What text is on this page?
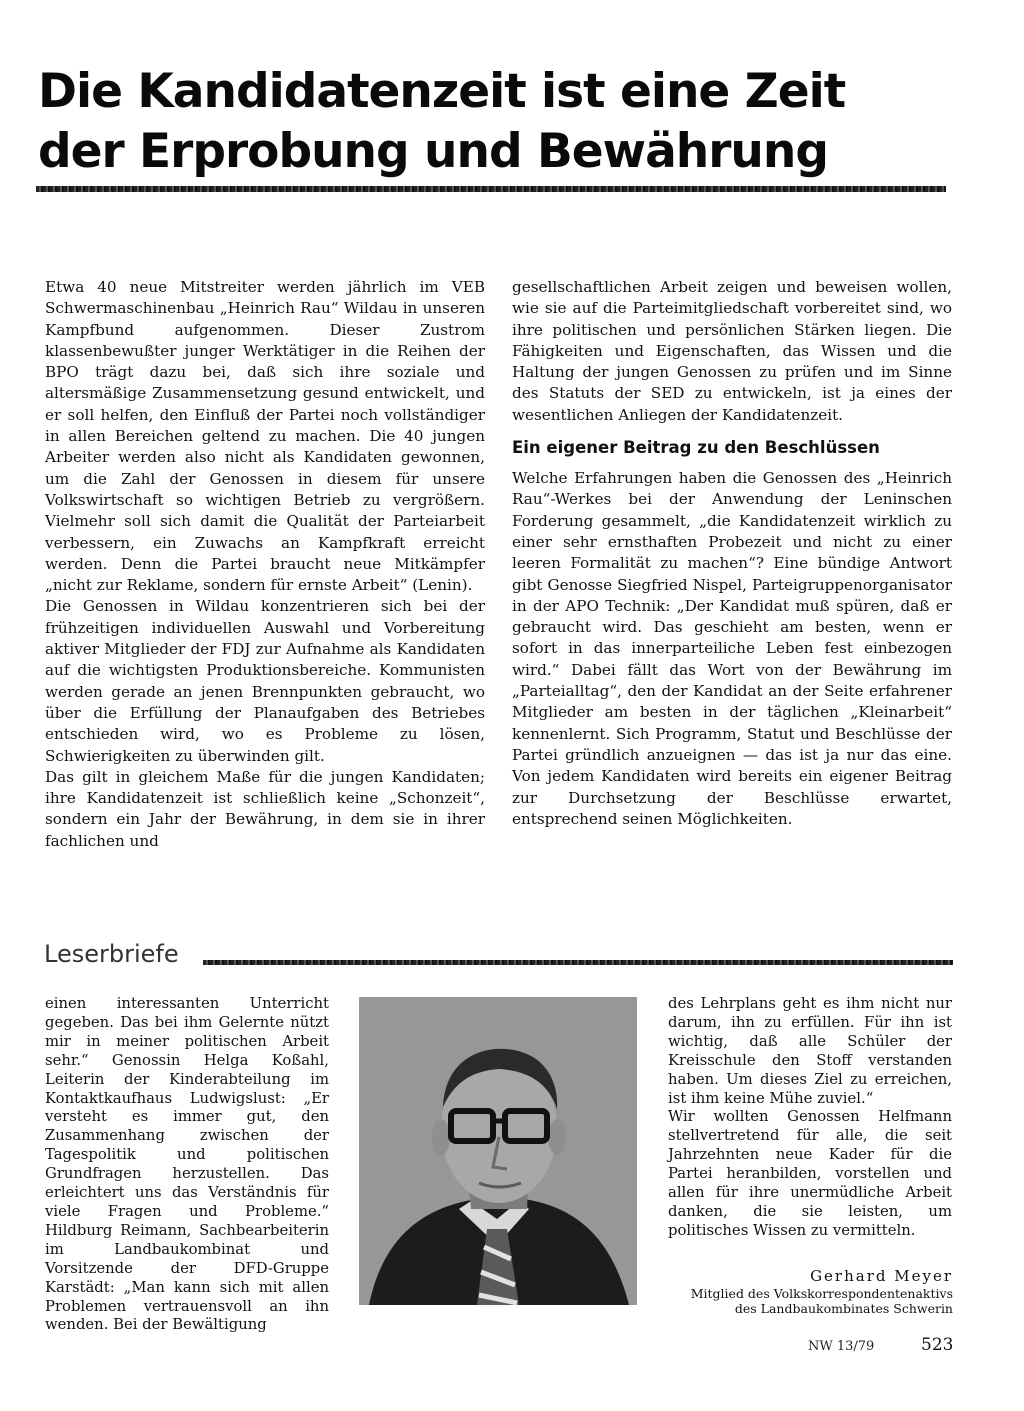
Die Kandidatenzeit ist eine Zeit
der Erprobung und Bewährung

Etwa 40 neue Mitstreiter werden jährlich im VEB Schwermaschinenbau „Heinrich Rau“ Wildau in unseren Kampfbund aufgenommen. Dieser Zustrom klassenbewußter junger Werktätiger in die Reihen der BPO trägt dazu bei, daß sich ihre soziale und altersmäßige Zusammensetzung gesund entwickelt, und er soll helfen, den Einfluß der Partei noch vollständiger in allen Bereichen geltend zu machen. Die 40 jungen Arbeiter werden also nicht als Kandidaten gewonnen, um die Zahl der Genossen in diesem für unsere Volkswirtschaft so wichtigen Betrieb zu vergrößern. Vielmehr soll sich damit die Qualität der Parteiarbeit verbessern, ein Zuwachs an Kampfkraft erreicht werden. Denn die Partei braucht neue Mitkämpfer „nicht zur Reklame, sondern für ernste Arbeit“ (Lenin).

Die Genossen in Wildau konzentrieren sich bei der frühzeitigen individuellen Auswahl und Vorbereitung aktiver Mitglieder der FDJ zur Aufnahme als Kandidaten auf die wichtigsten Produktionsbereiche. Kommunisten werden gerade an jenen Brennpunkten gebraucht, wo über die Erfüllung der Planaufgaben des Betriebes entschieden wird, wo es Probleme zu lösen, Schwierigkeiten zu überwinden gilt.

Das gilt in gleichem Maße für die jungen Kandidaten; ihre Kandidatenzeit ist schließlich keine „Schonzeit“, sondern ein Jahr der Bewährung, in dem sie in ihrer fachlichen und

gesellschaftlichen Arbeit zeigen und beweisen wollen, wie sie auf die Parteimitgliedschaft vorbereitet sind, wo ihre politischen und persönlichen Stärken liegen. Die Fähigkeiten und Eigenschaften, das Wissen und die Haltung der jungen Genossen zu prüfen und im Sinne des Statuts der SED zu entwickeln, ist ja eines der wesentlichen Anliegen der Kandidatenzeit.

Ein eigener Beitrag zu den Beschlüssen

Welche Erfahrungen haben die Genossen des „Heinrich Rau“-Werkes bei der Anwendung der Leninschen Forderung gesammelt, „die Kandidatenzeit wirklich zu einer sehr ernsthaften Probezeit und nicht zu einer leeren Formalität zu machen“? Eine bündige Antwort gibt Genosse Siegfried Nispel, Parteigruppenorganisator in der APO Technik: „Der Kandidat muß spüren, daß er gebraucht wird. Das geschieht am besten, wenn er sofort in das innerparteiliche Leben fest einbezogen wird.“ Dabei fällt das Wort von der Bewährung im „Parteialltag“, den der Kandidat an der Seite erfahrener Mitglieder am besten in der täglichen „Kleinarbeit“ kennenlernt. Sich Programm, Statut und Beschlüsse der Partei gründlich anzueignen — das ist ja nur das eine. Von jedem Kandidaten wird bereits ein eigener Beitrag zur Durchsetzung der Beschlüsse erwartet, entsprechend seinen Möglichkeiten.

Leserbriefe

einen interessanten Unterricht gegeben. Das bei ihm Gelernte nützt mir in meiner politischen Arbeit sehr.“ Genossin Helga Koßahl, Leiterin der Kinderabteilung im Kontaktkaufhaus Ludwigslust: „Er versteht es immer gut, den Zusammenhang zwischen der Tagespolitik und politischen Grundfragen herzustellen. Das erleichtert uns das Verständnis für viele Fragen und Probleme.“ Hildburg Reimann, Sachbearbeiterin im Landbaukombinat und Vorsitzende der DFD-Gruppe Karstädt: „Man kann sich mit allen Problemen vertrauensvoll an ihn wenden. Bei der Bewältigung

des Lehrplans geht es ihm nicht nur darum, ihn zu erfüllen. Für ihn ist wichtig, daß alle Schüler der Kreisschule den Stoff verstanden haben. Um dieses Ziel zu erreichen, ist ihm keine Mühe zuviel.“

Wir wollten Genossen Helfmann stellvertretend für alle, die seit Jahrzehnten neue Kader für die Partei heranbilden, vorstellen und allen für ihre unermüdliche Arbeit danken, die sie leisten, um politisches Wissen zu vermitteln.

Gerhard Meyer
Mitglied des Volkskorrespondentenaktivs
des Landbaukombinates Schwerin
NW 13/79	523
